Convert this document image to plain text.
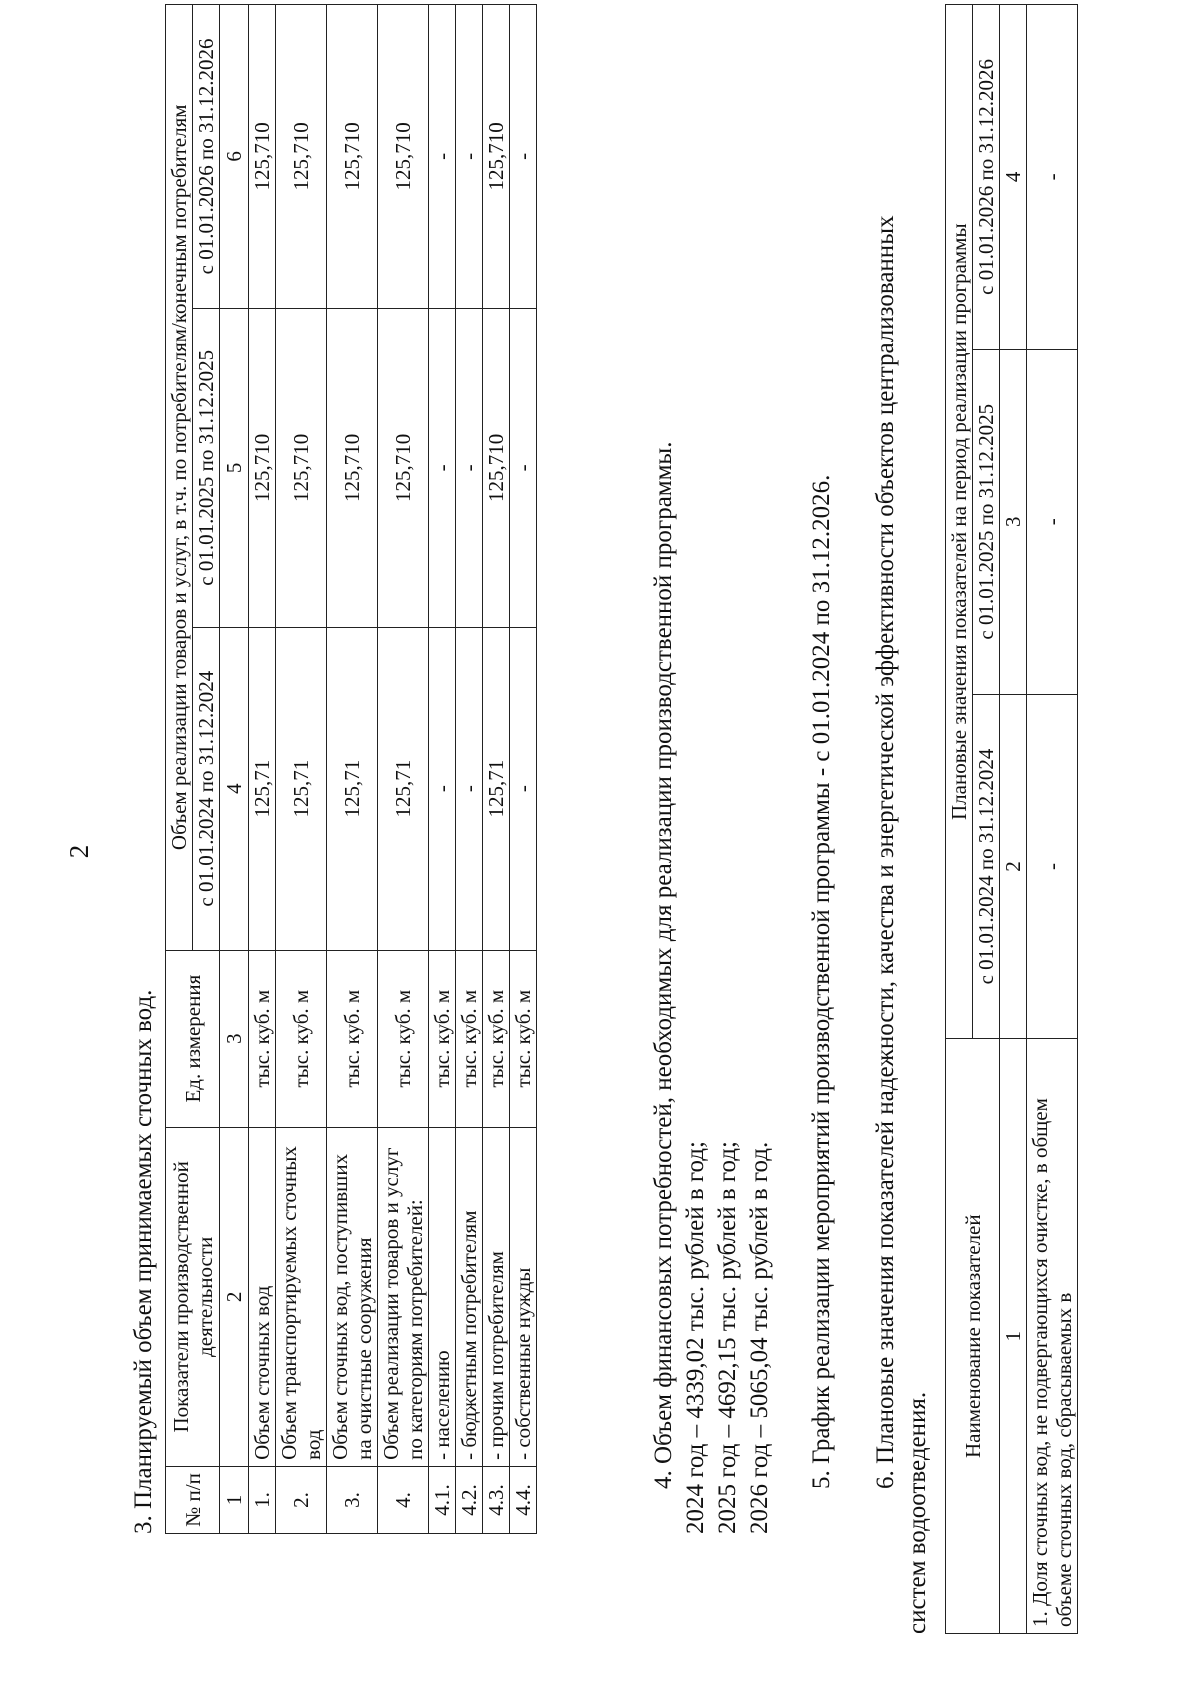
2
3. Планируемый объем принимаемых сточных вод. № п/п	Показатели производственной деятельности	Ед. измерения	Объем реализации товаров и услуг, в т.ч. по потребителям/конечным потребителям		
			с 01.01.2024 по 31.12.2024	с 01.01.2025 по 31.12.2025	с 01.01.2026 по 31.12.2026
1	2	3	4	5	6
1.	Объем сточных вод	тыс. куб. м	125,71	125,710	125,710
2.	Объем транспортируемых сточных вод	тыс. куб. м	125,71	125,710	125,710
3.	Объем сточных вод, поступивших на очистные сооружения	тыс. куб. м	125,71	125,710	125,710
4.	Объем реализации товаров и услуг по категориям потребителей:	тыс. куб. м	125,71	125,710	125,710
4.1.	- населению	тыс. куб. м	-	-	-
4.2.	- бюджетным потребителям	тыс. куб. м	-	-	-
4.3.	- прочим потребителям	тыс. куб. м	125,71	125,710	125,710
4.4.	- собственные нужды	тыс. куб. м	-	-	-
4. Объем финансовых потребностей, необходимых для реализации производственной программы. 2024 год – 4339,02 тыс. рублей в год; 2025 год – 4692,15 тыс. рублей в год; 2026 год – 5065,04 тыс. рублей в год. 5. График реализации мероприятий производственной программы - с 01.01.2024 по 31.12.2026. 6. Плановые значения показателей надежности, качества и энергетической эффективности объектов централизованных
систем водоотведения.
Наименование показателей	Плановые значения показателей на период реализации программы		
	с 01.01.2024 по 31.12.2024	с 01.01.2025 по 31.12.2025	с 01.01.2026 по 31.12.2026
1	2	3	4
1. Доля сточных вод, не подвергающихся очистке, в общем объеме сточных вод, сбрасываемых в	-	-	-
